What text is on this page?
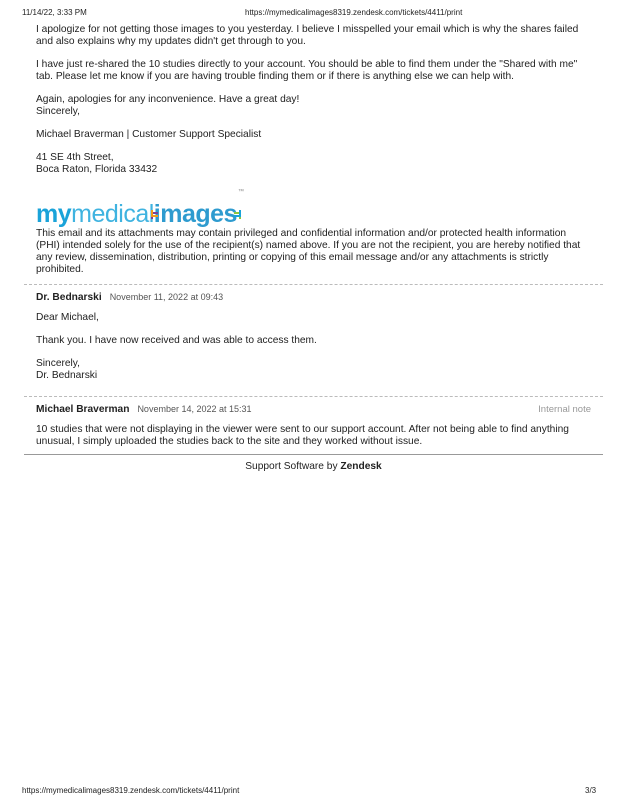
11/14/22, 3:33 PM	https://mymedicalimages8319.zendesk.com/tickets/4411/print

I apologize for not getting those images to you yesterday. I believe I misspelled your email which is why the shares failed and also explains why my updates didn't get through to you.

I have just re-shared the 10 studies directly to your account. You should be able to find them under the "Shared with me" tab. Please let me know if you are having trouble finding them or if there is anything else we can help with.

Again, apologies for any inconvenience. Have a great day!

Sincerely,

Michael Braverman | Customer Support Specialist

41 SE 4th Street,

Boca Raton, Florida 33432

my medical images
™

This email and its attachments may contain privileged and confidential information and/or protected health information (PHI) intended solely for the use of the recipient(s) named above. If you are not the recipient, you are hereby notified that any review, dissemination, distribution, printing or copying of this email message and/or any attachments is strictly prohibited.

Dr. Bednarski November 11, 2022 at 09:43

Dear Michael,

Thank you. I have now received and was able to access them.

Sincerely,

Dr. Bednarski

Michael Braverman November 14, 2022 at 15:31	Internal note

10 studies that were not displaying in the viewer were sent to our support account. After not being able to find anything unusual, I simply uploaded the studies back to the site and they worked without issue.

Support Software by Zendesk
https://mymedicalimages8319.zendesk.com/tickets/4411/print	3/3
